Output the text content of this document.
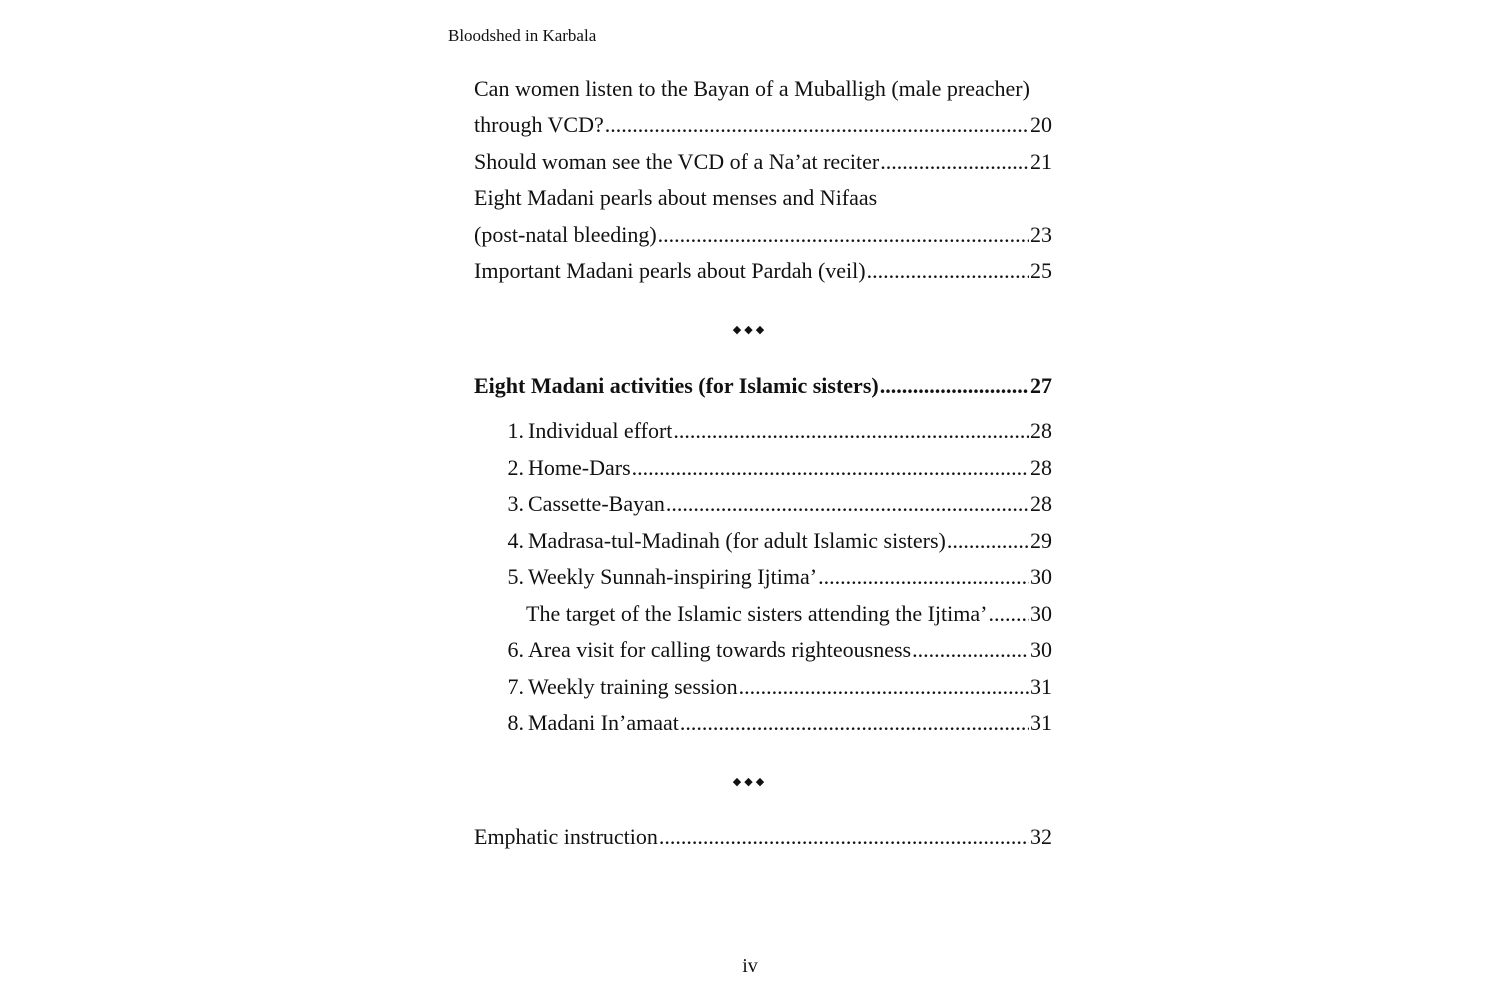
Bloodshed in Karbala
Can women listen to the Bayan of a Muballigh (male preacher)
through VCD? .....	20
Should woman see the VCD of a Na’at reciter .....	21
Eight Madani pearls about menses and Nifaas
(post-natal bleeding) .....	23
Important Madani pearls about Pardah (veil) .....	25
Eight Madani activities (for Islamic sisters) .....	27
1. Individual effort .....	28
2. Home-Dars .....	28
3. Cassette-Bayan .....	28
4. Madrasa-tul-Madinah (for adult Islamic sisters) .....	29
5. Weekly Sunnah-inspiring Ijtima’ .....	30
The target of the Islamic sisters attending the Ijtima’ ..... 30
6. Area visit for calling towards righteousness .....	30
7. Weekly training session .....	31
8. Madani In’amaat .....	31
Emphatic instruction .....	32
◆◆◆
◆◆◆
iv
